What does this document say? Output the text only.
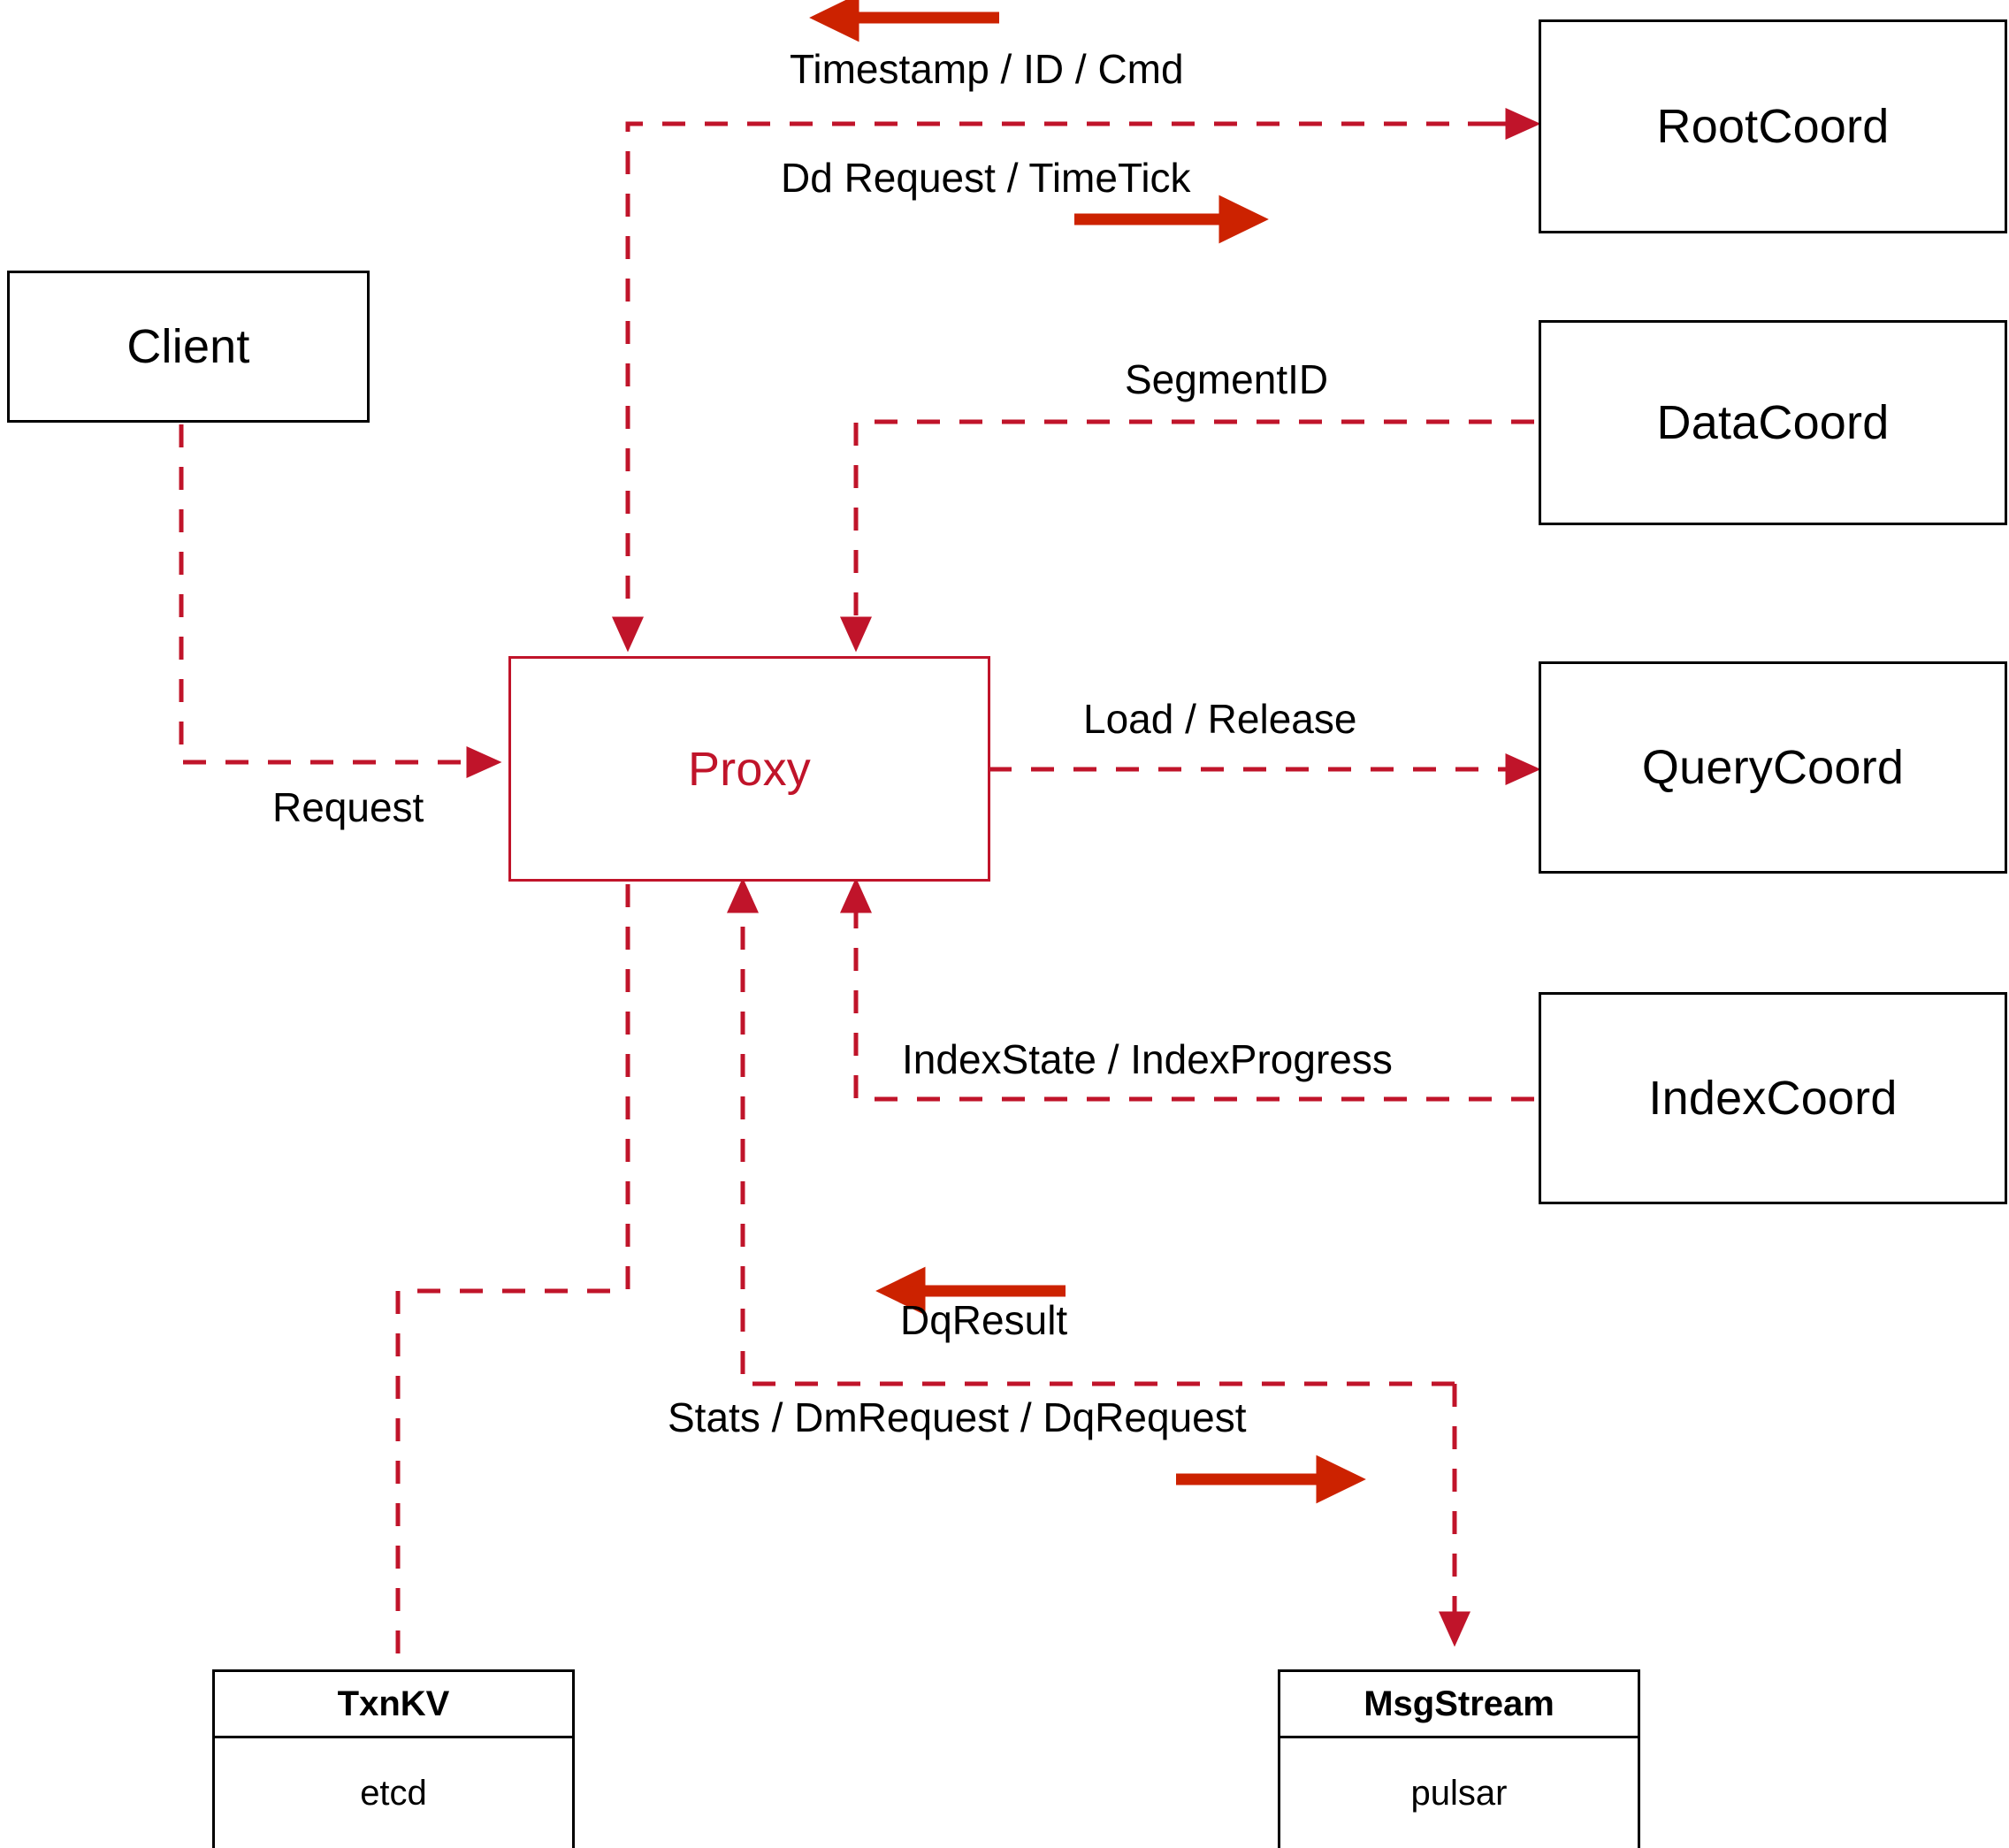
Client
Proxy
RootCoord
DataCoord
QueryCoord
IndexCoord
TxnKV
etcd
MsgStream
pulsar
Timestamp / ID / Cmd
Dd Request / TimeTick
SegmentID
Request
Load / Release
IndexState / IndexProgress
DqResult
Stats / DmRequest / DqRequest
